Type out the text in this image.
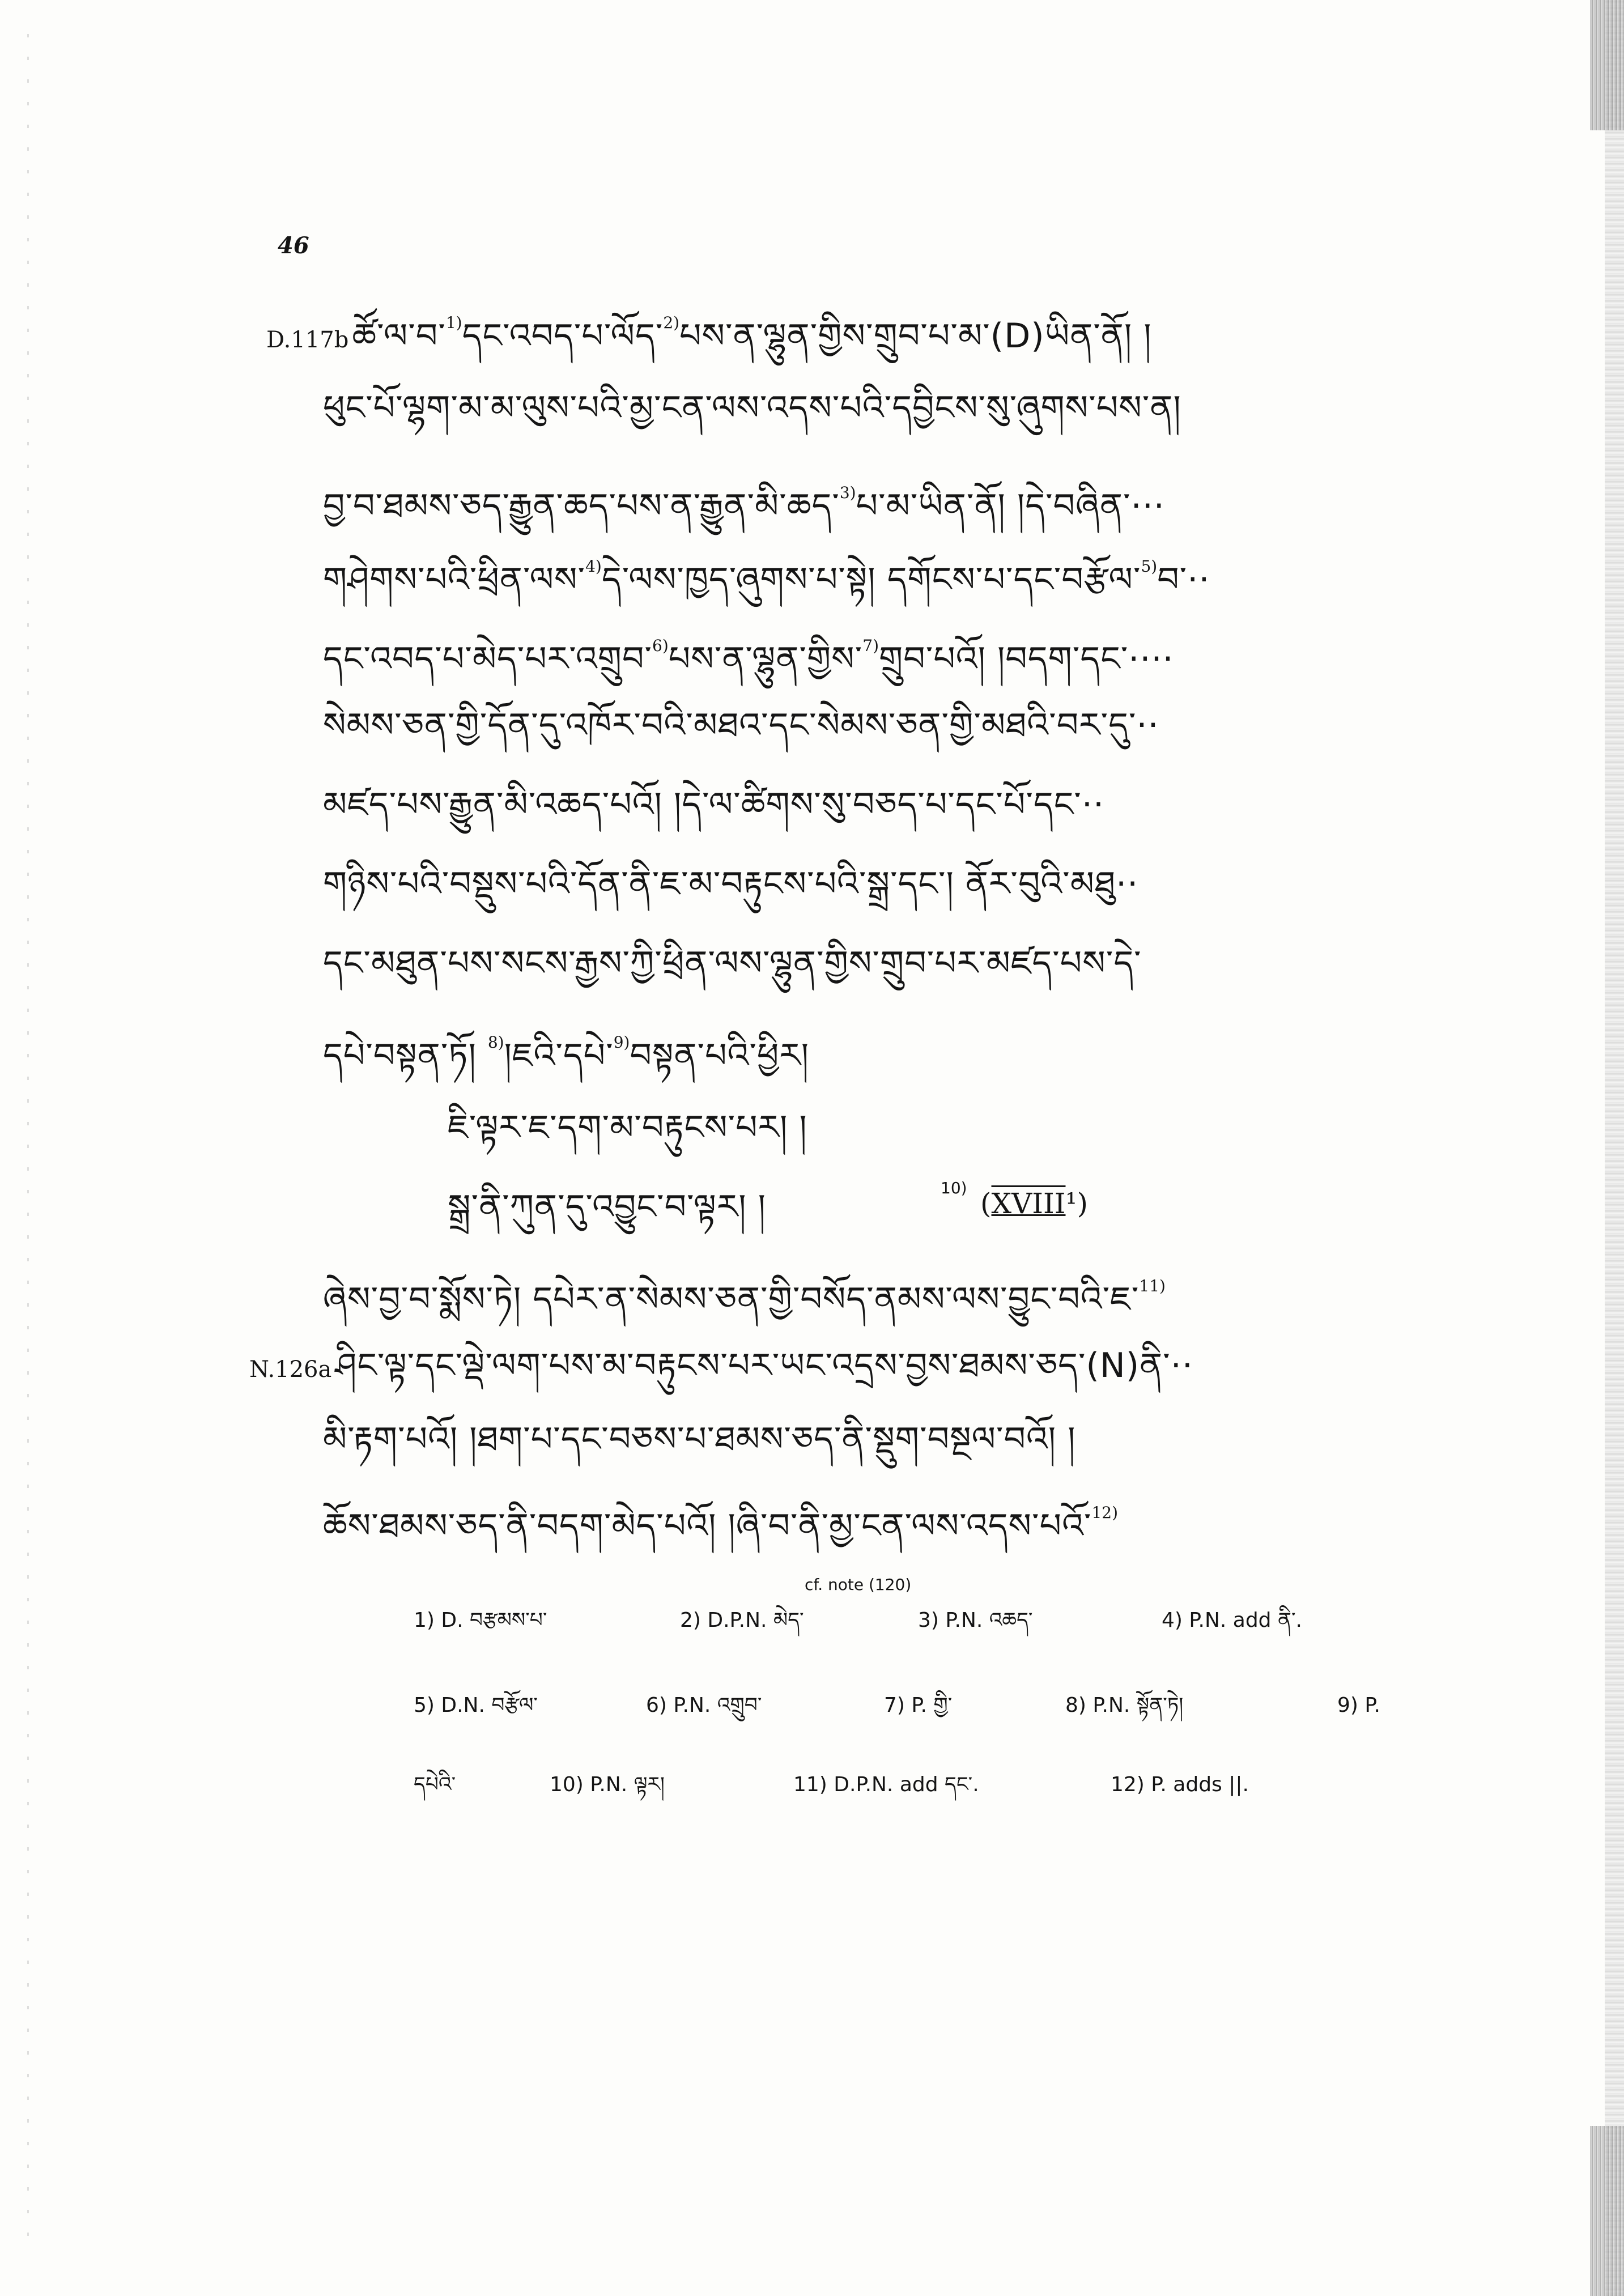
46
D.117b ཚོ་ལ་བ་$^{1)}$དང་འབད་པ་ལོད་$^{2)}$པས་ན་ལྷུན་གྱིས་གྲུབ་པ་མ་(D)ཡིན་ནོ། །
ཕུང་པོ་ལྷག་མ་མ་ལུས་པའི་མྱ་ངན་ལས་འདས་པའི་དབྱིངས་སུ་ཞུགས་པས་ན།
བྱ་བ་ཐམས་ཅད་རྒྱུན་ཆད་པས་ན་རྒྱུན་མི་ཆད་$^{3)}$པ་མ་ཡིན་ནོ། །དེ་བཞིན་···
གཤེགས་པའི་ཕྲིན་ལས་$^{4)}$དེ་ལས་ཁྱད་ཞུགས་པ་སྟེ། དགོངས་པ་དང་བརྩོལ་$^{5)}$བ་··
དང་འབད་པ་མེད་པར་འགྲུབ་$^{6)}$པས་ན་ལྷུན་གྱིས་$^{7)}$གྲུབ་པའོ། །བདག་དང་····
སེམས་ཅན་གྱི་དོན་དུ་འཁོར་བའི་མཐའ་དང་སེམས་ཅན་གྱི་མཐའི་བར་དུ་··
མཛད་པས་རྒྱུན་མི་འཆད་པའོ། །དེ་ལ་ཚིགས་སུ་བཅད་པ་དང་པོ་དང་··
གཉིས་པའི་བསྡུས་པའི་དོན་ནི་ཇ་མ་བརྟུངས་པའི་སྒྲ་དང་། ནོར་བུའི་མཐུ··
དང་མཐུན་པས་སངས་རྒྱས་ཀྱི་ཕྲིན་ལས་ལྷུན་གྱིས་གྲུབ་པར་མཛད་པས་དེ་
དཔེ་བསྟན་ཏོ། $^{8)}$།ཇའི་དཔེ་$^{9)}$བསྟན་པའི་ཕྱིར།
ཇི་ལྟར་ཇ་དག་མ་བརྟུངས་པར། །
སྒྲ་ནི་ཀུན་དུ་འབྱུང་བ་ལྟར། །	10) (XVIII¹)
ཞེས་བྱ་བ་སྨོས་ཏེ། དཔེར་ན་སེམས་ཅན་གྱི་བསོད་ནམས་ལས་བྱུང་བའི་ཇ་$^{11)}$
N.126a ཤིང་ལྟ་དང་ལྡེ་ལག་པས་མ་བརྟུངས་པར་ཡང་འདྲས་བྱས་ཐམས་ཅད་(N)ནི་··
མི་རྟག་པའོ། །ཐག་པ་དང་བཅས་པ་ཐམས་ཅད་ནི་སྡུག་བསྔལ་བའོ། །
ཆོས་ཐམས་ཅད་ནི་བདག་མེད་པའོ། །ཞི་བ་ནི་མྱ་ངན་ལས་འདས་པའོ་$^{12)}$
cf. note (120)
1) D. བརྩམས་པ་	2) D.P.N. མེད་	3) P.N. འཆད་	4) P.N. add ནི་.
5) D.N. བརྩོལ་	6) P.N. འགྲུབ་	7) P. གྱི་	8) P.N. སྟོན་ཏེ།	9) P.
དཔེའི་	10) P.N. ལྟར།	11) D.P.N. add དང་.	12) P. adds ||.
